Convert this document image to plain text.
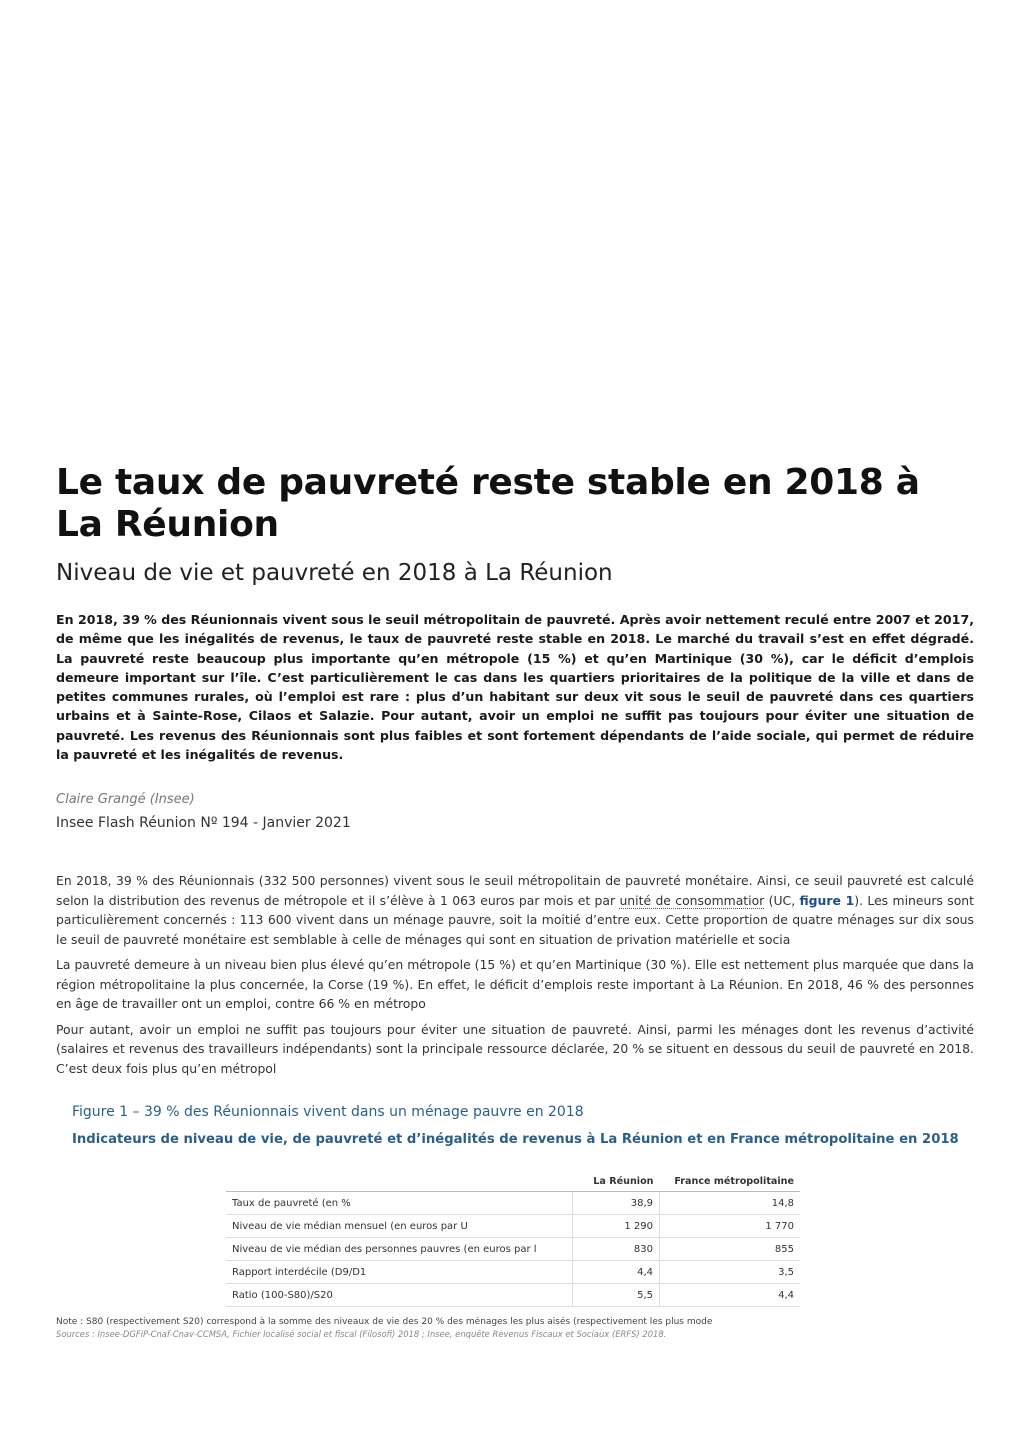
Le taux de pauvreté reste stable en 2018 à La Réunion
Niveau de vie et pauvreté en 2018 à La Réunion

En 2018, 39 % des Réunionnais vivent sous le seuil métropolitain de pauvreté. Après avoir nettement reculé entre 2007 et 2017, de même que les inégalités de revenus, le taux de pauvreté reste stable en 2018. Le marché du travail s’est en effet dégradé. La pauvreté reste beaucoup plus importante qu’en métropole (15 %) et qu’en Martinique (30 %), car le déficit d’emplois demeure important sur l’île. C’est particulièrement le cas dans les quartiers prioritaires de la politique de la ville et dans de petites communes rurales, où l’emploi est rare : plus d’un habitant sur deux vit sous le seuil de pauvreté dans ces quartiers urbains et à Sainte-Rose, Cilaos et Salazie. Pour autant, avoir un emploi ne suffit pas toujours pour éviter une situation de pauvreté. Les revenus des Réunionnais sont plus faibles et sont fortement dépendants de l’aide sociale, qui permet de réduire la pauvreté et les inégalités de revenus.

Claire Grangé (Insee)
Insee Flash Réunion Nº 194 - Janvier 2021

En 2018, 39 % des Réunionnais (332 500 personnes) vivent sous le seuil métropolitain de pauvreté monétaire. Ainsi, ce seuil pauvreté est calculé selon la distribution des revenus de métropole et il s’élève à 1 063 euros par mois et par unité de consommatior (UC, figure 1). Les mineurs sont particulièrement concernés : 113 600 vivent dans un ménage pauvre, soit la moitié d’entre eux. Cette proportion de quatre ménages sur dix sous le seuil de pauvreté monétaire est semblable à celle de ménages qui sont en situation de privation matérielle et socia

La pauvreté demeure à un niveau bien plus élevé qu’en métropole (15 %) et qu’en Martinique (30 %). Elle est nettement plus marquée que dans la région métropolitaine la plus concernée, la Corse (19 %). En effet, le déficit d’emplois reste important à La Réunion. En 2018, 46 % des personnes en âge de travailler ont un emploi, contre 66 % en métropo

Pour autant, avoir un emploi ne suffit pas toujours pour éviter une situation de pauvreté. Ainsi, parmi les ménages dont les revenus d’activité (salaires et revenus des travailleurs indépendants) sont la principale ressource déclarée, 20 % se situent en dessous du seuil de pauvreté en 2018. C’est deux fois plus qu’en métropol

Figure 1 – 39 % des Réunionnais vivent dans un ménage pauvre en 2018
Indicateurs de niveau de vie, de pauvreté et d’inégalités de revenus à La Réunion et en France métropolitaine en 2018
	La Réunion	France métropolitaine
Taux de pauvreté (en %	38,9	14,8
Niveau de vie médian mensuel (en euros par U	1 290	1 770
Niveau de vie médian des personnes pauvres (en euros par l	830	855
Rapport interdécile (D9/D1	4,4	3,5
Ratio (100-S80)/S20	5,5	4,4
Note : S80 (respectivement S20) correspond à la somme des niveaux de vie des 20 % des ménages les plus aisés (respectivement les plus mode
Sources : Insee-DGFiP-Cnaf-Cnav-CCMSA, Fichier localisé social et fiscal (Filosofi) 2018 ; Insee, enquête Revenus Fiscaux et Sociaux (ERFS) 2018.
